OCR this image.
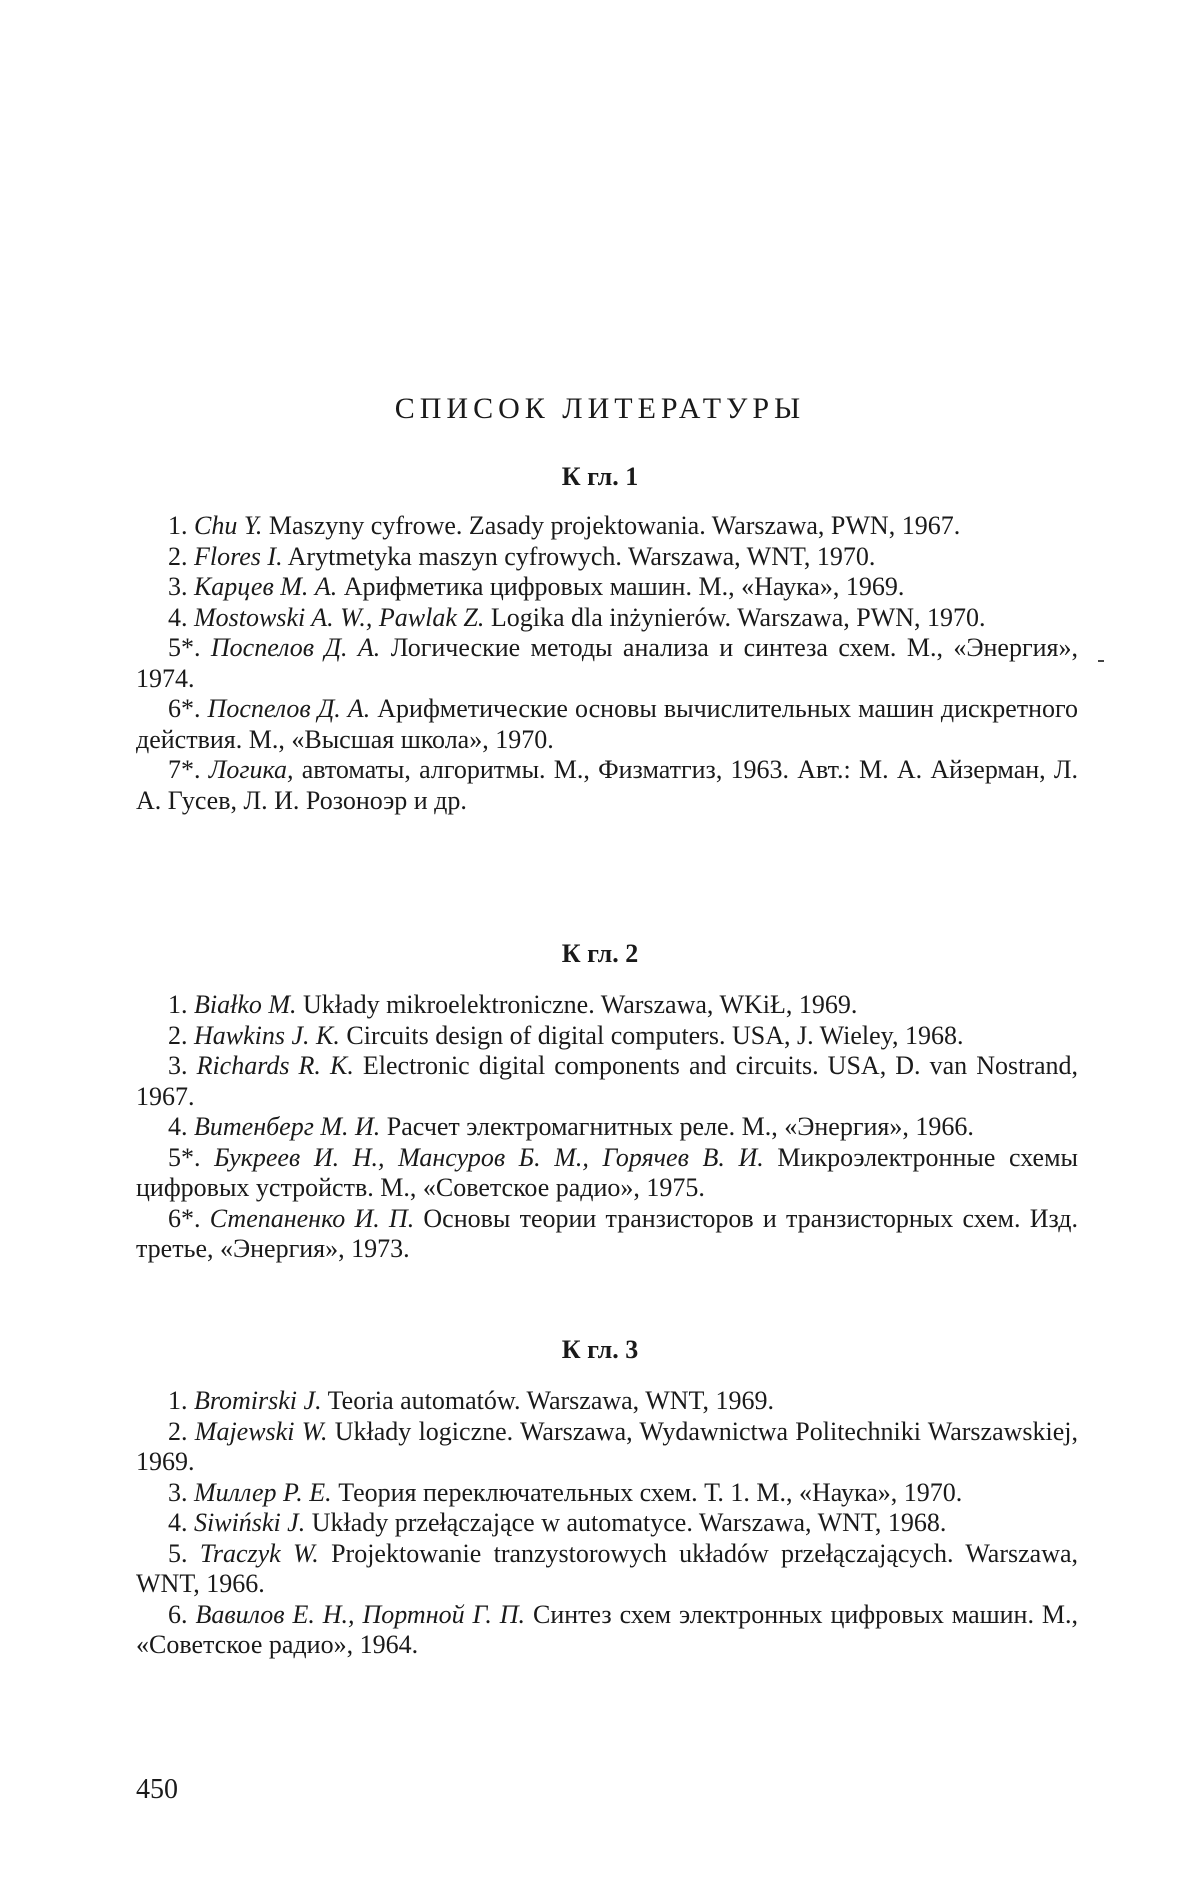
СПИСОК ЛИТЕРАТУРЫ
К гл. 1
1. Chu Y. Maszyny cyfrowe. Zasady projektowania. Warszawa, PWN, 1967.
2. Flores I. Arytmetyka maszyn cyfrowych. Warszawa, WNT, 1970.
3. Карцев М. А. Арифметика цифровых машин. М., «Наука», 1969.
4. Mostowski A. W., Pawlak Z. Logika dla inżynierów. Warszawa, PWN, 1970.
5*. Поспелов Д. А. Логические методы анализа и синтеза схем. М., «Энергия», 1974.
6*. Поспелов Д. А. Арифметические основы вычислительных машин дискретного действия. М., «Высшая школа», 1970.
7*. Логика, автоматы, алгоритмы. М., Физматгиз, 1963. Авт.: М. А. Айзерман, Л. А. Гусев, Л. И. Розоноэр и др.
К гл. 2
1. Białko M. Układy mikroelektroniczne. Warszawa, WKiŁ, 1969.
2. Hawkins J. K. Circuits design of digital computers. USA, J. Wieley, 1968.
3. Richards R. K. Electronic digital components and circuits. USA, D. van Nostrand, 1967.
4. Витенберг М. И. Расчет электромагнитных реле. М., «Энергия», 1966.
5*. Букреев И. Н., Мансуров Б. М., Горячев В. И. Микроэлектронные схемы цифровых устройств. М., «Советское радио», 1975.
6*. Степаненко И. П. Основы теории транзисторов и транзисторных схем. Изд. третье, «Энергия», 1973.
К гл. 3
1. Bromirski J. Teoria automatów. Warszawa, WNT, 1969.
2. Majewski W. Układy logiczne. Warszawa, Wydawnictwa Politechniki Warszawskiej, 1969.
3. Миллер Р. Е. Теория переключательных схем. Т. 1. М., «Наука», 1970.
4. Siwiński J. Układy przełączające w automatyce. Warszawa, WNT, 1968.
5. Traczyk W. Projektowanie tranzystorowych układów przełączających. Warszawa, WNT, 1966.
6. Вавилов Е. Н., Портной Г. П. Синтез схем электронных цифровых машин. М., «Советское радио», 1964.
450
